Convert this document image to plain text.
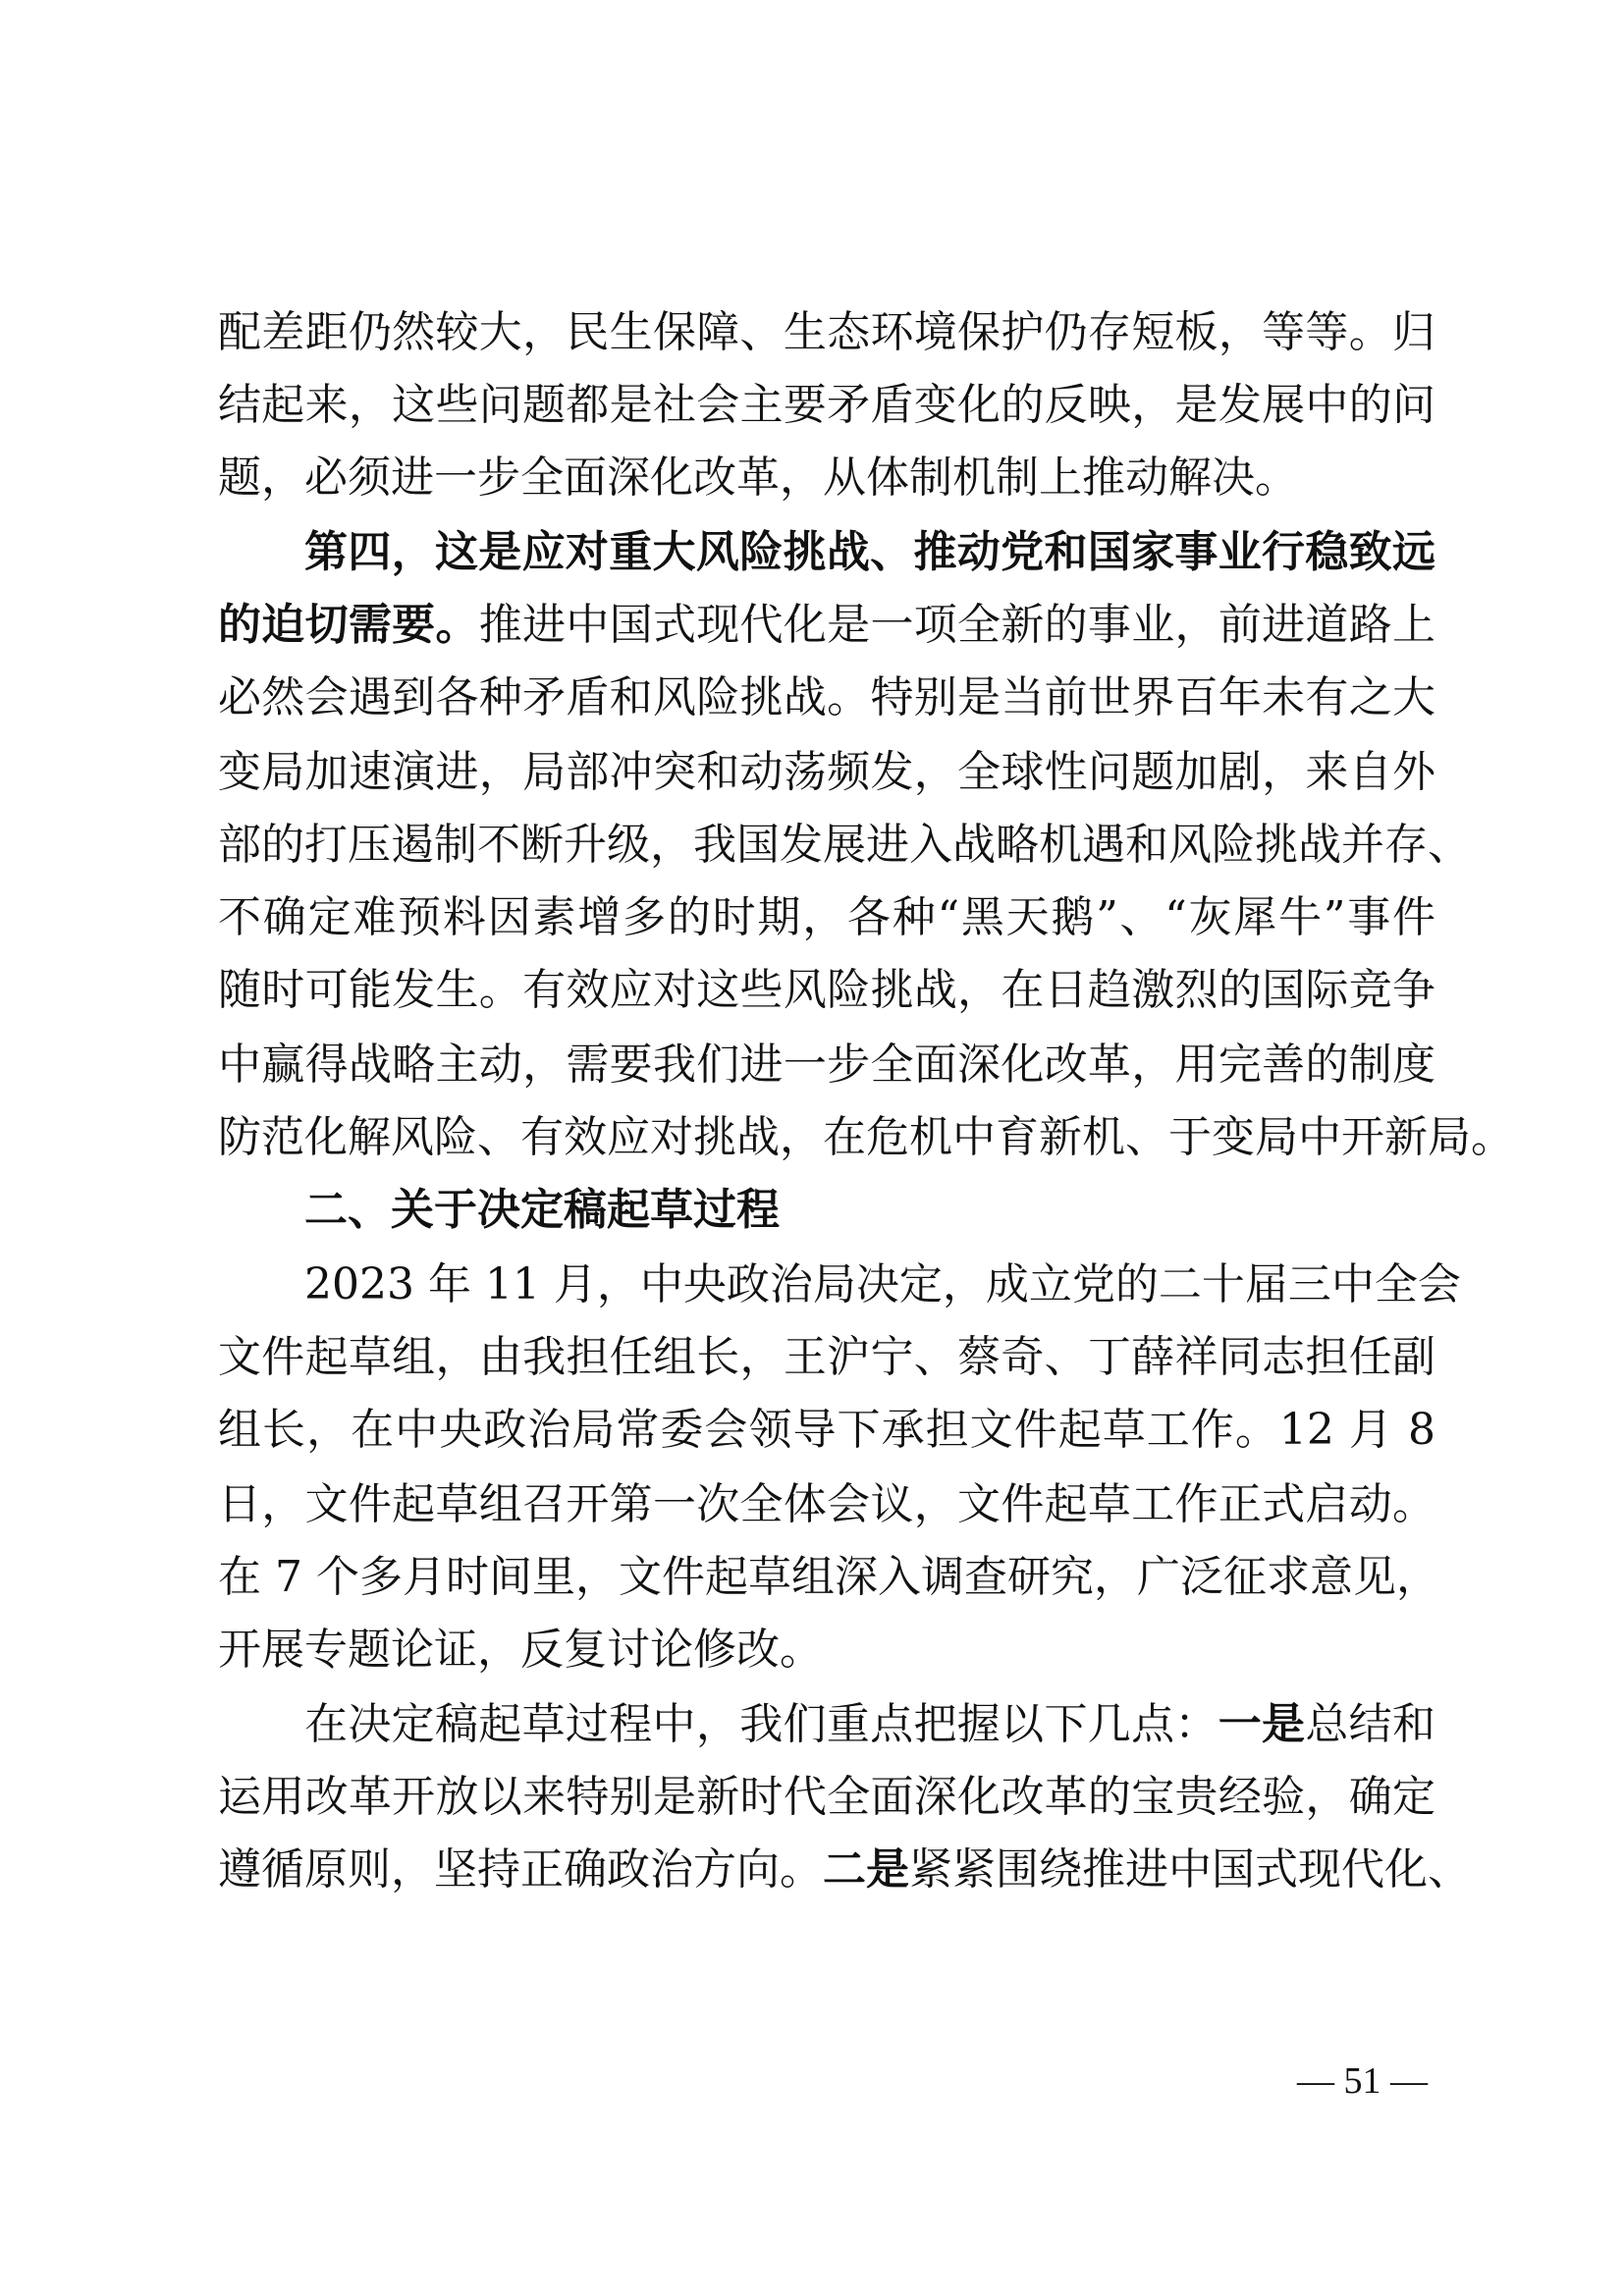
配差距仍然较大，民生保障、生态环境保护仍存短板，等等。归
结起来，这些问题都是社会主要矛盾变化的反映，是发展中的问
题，必须进一步全面深化改革，从体制机制上推动解决。
第四，这是应对重大风险挑战、推动党和国家事业行稳致远
的迫切需要。推进中国式现代化是一项全新的事业，前进道路上
必然会遇到各种矛盾和风险挑战。特别是当前世界百年未有之大
变局加速演进，局部冲突和动荡频发，全球性问题加剧，来自外
部的打压遏制不断升级，我国发展进入战略机遇和风险挑战并存、
不确定难预料因素增多的时期，各种“黑天鹅”、“灰犀牛”事件
随时可能发生。有效应对这些风险挑战，在日趋激烈的国际竞争
中赢得战略主动，需要我们进一步全面深化改革，用完善的制度
防范化解风险、有效应对挑战，在危机中育新机、于变局中开新局。
二、关于决定稿起草过程
2023 年 11 月，中央政治局决定，成立党的二十届三中全会
文件起草组，由我担任组长，王沪宁、蔡奇、丁薛祥同志担任副
组长，在中央政治局常委会领导下承担文件起草工作。12 月 8
日，文件起草组召开第一次全体会议，文件起草工作正式启动。
在 7 个多月时间里，文件起草组深入调查研究，广泛征求意见，
开展专题论证，反复讨论修改。
在决定稿起草过程中，我们重点把握以下几点：一是总结和
运用改革开放以来特别是新时代全面深化改革的宝贵经验，确定
遵循原则，坚持正确政治方向。二是紧紧围绕推进中国式现代化、
— 51 —
